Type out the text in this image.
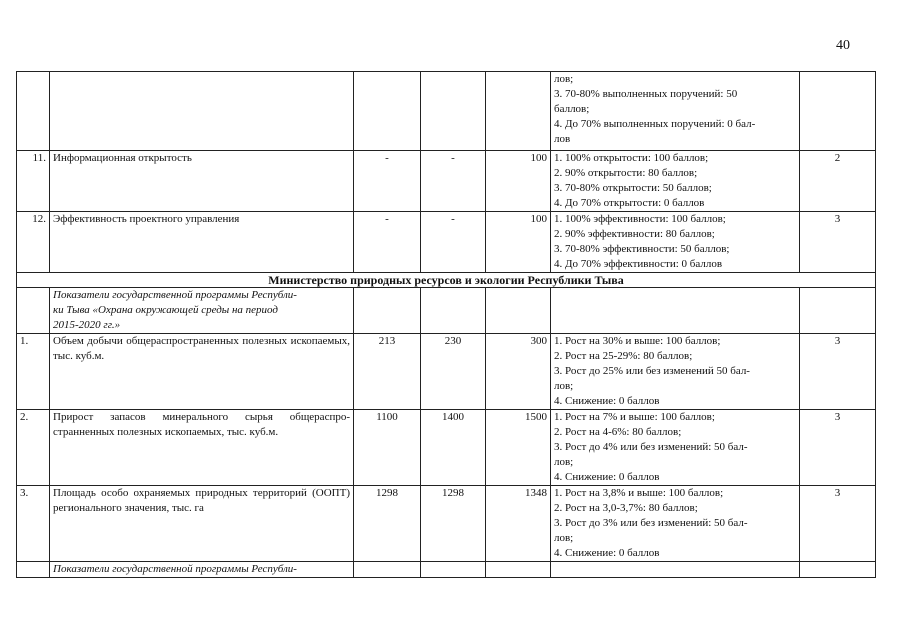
40

					лов;
3. 70-80% выполненных поручений: 50
баллов;
4. До 70% выполненных поручений: 0 бал-
лов	

11.	Информационная открытость	-	-	100	1. 100% открытости: 100 баллов;
2. 90% открытости: 80 баллов;
3. 70-80% открытости: 50 баллов;
4. До 70% открытости: 0 баллов	2
12.	Эффективность проектного управления	-	-	100	1. 100% эффективности: 100 баллов;
2. 90% эффективности: 80 баллов;
3. 70-80% эффективности: 50 баллов;
4. До 70% эффективности: 0 баллов	3
Министерство природных ресурсов и экологии Республики Тыва						

	Показатели государственной программы Республи-
ки Тыва «Охрана окружающей среды на период
2015-2020 гг.»					

1.	Объем добычи общераспространенных полезных ископаемых, тыс. куб.м.	213	230	300	1. Рост на 30% и выше: 100 баллов;
2. Рост на 25-29%: 80 баллов;
3. Рост до 25% или без изменений 50 бал-
лов;
4. Снижение: 0 баллов	3
2.	Прирост запасов минерального сырья общераспро-странненных полезных ископаемых, тыс. куб.м.	1100	1400	1500	1. Рост на 7% и выше: 100 баллов;
2. Рост на 4-6%: 80 баллов;
3. Рост до 4% или без изменений: 50 бал-
лов;
4. Снижение: 0 баллов	3
3.	Площадь особо охраняемых природных территорий (ООПТ) регионального значения, тыс. га	1298	1298	1348	1. Рост на 3,8% и выше: 100 баллов;
2. Рост на 3,0-3,7%: 80 баллов;
3. Рост до 3% или без изменений: 50 бал-
лов;
4. Снижение: 0 баллов	3
	Показатели государственной программы Республи-					
